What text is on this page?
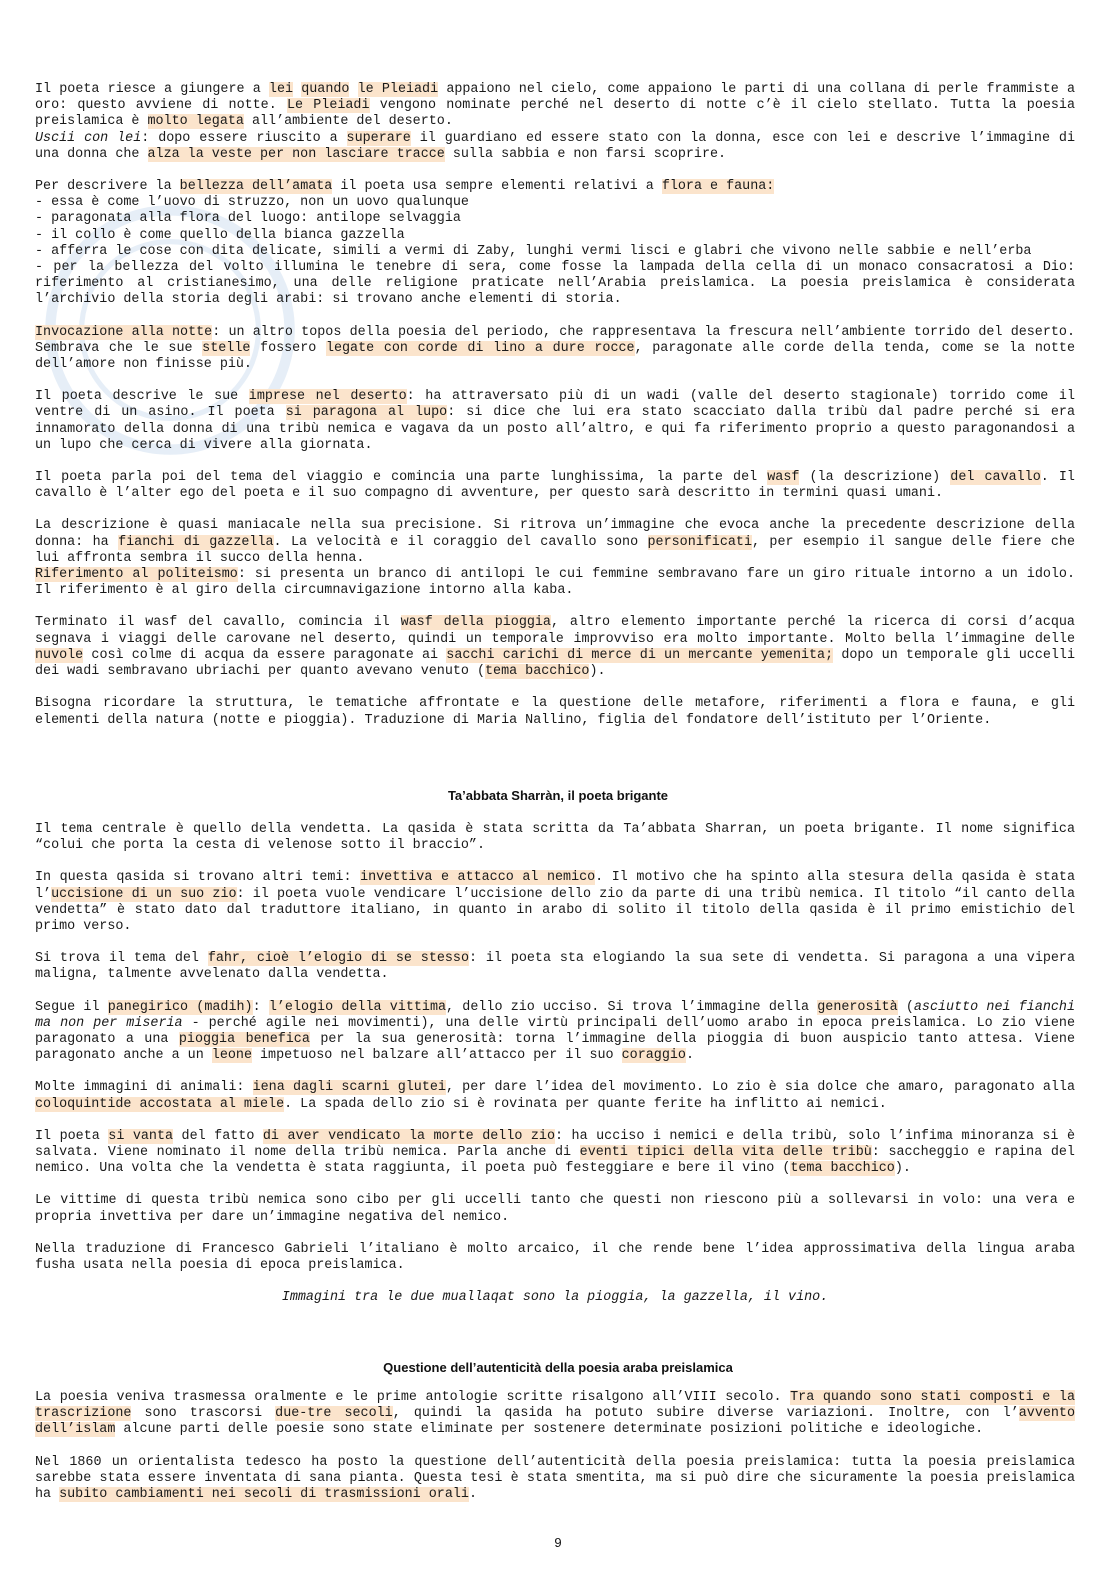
Il poeta riesce a giungere a lei quando le Pleiadi appaiono nel cielo, come appaiono le parti di una collana di perle frammiste a oro: questo avviene di notte. Le Pleiadi vengono nominate perché nel deserto di notte c’è il cielo stellato. Tutta la poesia preislamica è molto legata all’ambiente del deserto.

Uscii con lei: dopo essere riuscito a superare il guardiano ed essere stato con la donna, esce con lei e descrive l’immagine di una donna che alza la veste per non lasciare tracce sulla sabbia e non farsi scoprire.

Per descrivere la bellezza dell’amata il poeta usa sempre elementi relativi a flora e fauna:

- essa è come l’uovo di struzzo, non un uovo qualunque
- paragonata alla flora del luogo: antilope selvaggia
- il collo è come quello della bianca gazzella
- afferra le cose con dita delicate, simili a vermi di Zaby, lunghi vermi lisci e glabri che vivono nelle sabbie e nell’erba
- per la bellezza del volto illumina le tenebre di sera, come fosse la lampada della cella di un monaco consacratosi a Dio: riferimento al cristianesimo, una delle religione praticate nell’Arabia preislamica. La poesia preislamica è considerata l’archivio della storia degli arabi: si trovano anche elementi di storia.

Invocazione alla notte: un altro topos della poesia del periodo, che rappresentava la frescura nell’ambiente torrido del deserto. Sembrava che le sue stelle fossero legate con corde di lino a dure rocce, paragonate alle corde della tenda, come se la notte dell’amore non finisse più.

Il poeta descrive le sue imprese nel deserto: ha attraversato più di un wadi (valle del deserto stagionale) torrido come il ventre di un asino. Il poeta si paragona al lupo: si dice che lui era stato scacciato dalla tribù dal padre perché si era innamorato della donna di una tribù nemica e vagava da un posto all’altro, e qui fa riferimento proprio a questo paragonandosi a un lupo che cerca di vivere alla giornata.

Il poeta parla poi del tema del viaggio e comincia una parte lunghissima, la parte del wasf (la descrizione) del cavallo. Il cavallo è l’alter ego del poeta e il suo compagno di avventure, per questo sarà descritto in termini quasi umani.

La descrizione è quasi maniacale nella sua precisione. Si ritrova un’immagine che evoca anche la precedente descrizione della donna: ha fianchi di gazzella. La velocità e il coraggio del cavallo sono personificati, per esempio il sangue delle fiere che lui affronta sembra il succo della henna.

Riferimento al politeismo: si presenta un branco di antilopi le cui femmine sembravano fare un giro rituale intorno a un idolo. Il riferimento è al giro della circumnavigazione intorno alla kaba.

Terminato il wasf del cavallo, comincia il wasf della pioggia, altro elemento importante perché la ricerca di corsi d’acqua segnava i viaggi delle carovane nel deserto, quindi un temporale improvviso era molto importante. Molto bella l’immagine delle nuvole così colme di acqua da essere paragonate ai sacchi carichi di merce di un mercante yemenita; dopo un temporale gli uccelli dei wadi sembravano ubriachi per quanto avevano venuto (tema bacchico).

Bisogna ricordare la struttura, le tematiche affrontate e la questione delle metafore, riferimenti a flora e fauna, e gli elementi della natura (notte e pioggia). Traduzione di Maria Nallino, figlia del fondatore dell’istituto per l’Oriente.

Ta’abbata Sharràn, il poeta brigante

Il tema centrale è quello della vendetta. La qasida è stata scritta da Ta’abbata Sharran, un poeta brigante. Il nome significa “colui che porta la cesta di velenose sotto il braccio”.

In questa qasida si trovano altri temi: invettiva e attacco al nemico. Il motivo che ha spinto alla stesura della qasida è stata l’uccisione di un suo zio: il poeta vuole vendicare l’uccisione dello zio da parte di una tribù nemica. Il titolo “il canto della vendetta” è stato dato dal traduttore italiano, in quanto in arabo di solito il titolo della qasida è il primo emistichio del primo verso.

Si trova il tema del fahr, cioè l’elogio di se stesso: il poeta sta elogiando la sua sete di vendetta. Si paragona a una vipera maligna, talmente avvelenato dalla vendetta.

Segue il panegirico (madih): l’elogio della vittima, dello zio ucciso. Si trova l’immagine della generosità (asciutto nei fianchi ma non per miseria - perché agile nei movimenti), una delle virtù principali dell’uomo arabo in epoca preislamica. Lo zio viene paragonato a una pioggia benefica per la sua generosità: torna l’immagine della pioggia di buon auspicio tanto attesa. Viene paragonato anche a un leone impetuoso nel balzare all’attacco per il suo coraggio.

Molte immagini di animali: iena dagli scarni glutei, per dare l’idea del movimento. Lo zio è sia dolce che amaro, paragonato alla coloquintide accostata al miele. La spada dello zio si è rovinata per quante ferite ha inflitto ai nemici.

Il poeta si vanta del fatto di aver vendicato la morte dello zio: ha ucciso i nemici e della tribù, solo l’infima minoranza si è salvata. Viene nominato il nome della tribù nemica. Parla anche di eventi tipici della vita delle tribù: saccheggio e rapina del nemico. Una volta che la vendetta è stata raggiunta, il poeta può festeggiare e bere il vino (tema bacchico).

Le vittime di questa tribù nemica sono cibo per gli uccelli tanto che questi non riescono più a sollevarsi in volo: una vera e propria invettiva per dare un’immagine negativa del nemico.

Nella traduzione di Francesco Gabrieli l’italiano è molto arcaico, il che rende bene l’idea approssimativa della lingua araba fusha usata nella poesia di epoca preislamica.

Immagini tra le due muallaqat sono la pioggia, la gazzella, il vino.

Questione dell’autenticità della poesia araba preislamica

La poesia veniva trasmessa oralmente e le prime antologie scritte risalgono all’VIII secolo. Tra quando sono stati composti e la trascrizione sono trascorsi due-tre secoli, quindi la qasida ha potuto subire diverse variazioni. Inoltre, con l’avvento dell’islam alcune parti delle poesie sono state eliminate per sostenere determinate posizioni politiche e ideologiche.

Nel 1860 un orientalista tedesco ha posto la questione dell’autenticità della poesia preislamica: tutta la poesia preislamica sarebbe stata essere inventata di sana pianta. Questa tesi è stata smentita, ma si può dire che sicuramente la poesia preislamica ha subito cambiamenti nei secoli di trasmissioni orali.

9
